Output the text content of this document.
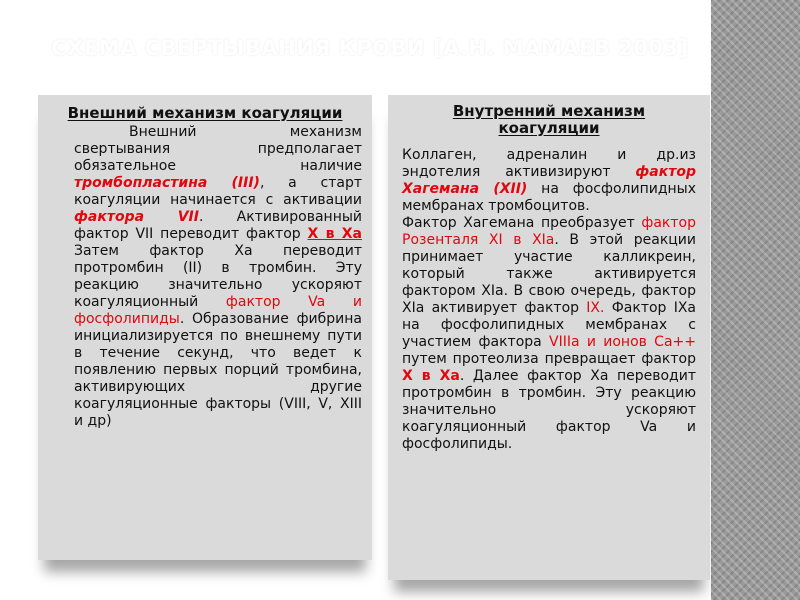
СХЕМА СВЕРТЫВАНИЯ КРОВИ [А.Н. МАМАЕВ 2003]
Внешний механизм коагуляции
Внешний механизм свертывания предполагает обязательное наличие тромбопластина (III), а старт коагуляции начинается с активации фактора VII. Активированный фактор VII переводит фактор X в Xa Затем фактор Xa переводит протромбин (II) в тромбин. Эту реакцию значительно ускоряют коагуляционный фактор Va и фосфолипиды. Образование фибрина инициализируется по внешнему пути в течение секунд, что ведет к появлению первых порций тромбина, активирующих другие коагуляционные факторы (VIII, V, XIII и др)
Внутренний механизм коагуляции
Коллаген, адреналин и др.из эндотелия активизируют фактор Хагемана (XII) на фосфолипидных мембранах тромбоцитов.
Фактор Хагемана преобразует фактор Розенталя XI в XIa. В этой реакции принимает участие калликреин, который также активируется фактором XIa. В свою очередь, фактор XIa активирует фактор IX. Фактор IXa на фосфолипидных мембранах с участием фактора VIIIa и ионов Ca++ путем протеолиза превращает фактор X в Xa. Далее фактор Xa переводит протромбин в тромбин. Эту реакцию значительно ускоряют коагуляционный фактор Va и фосфолипиды.
